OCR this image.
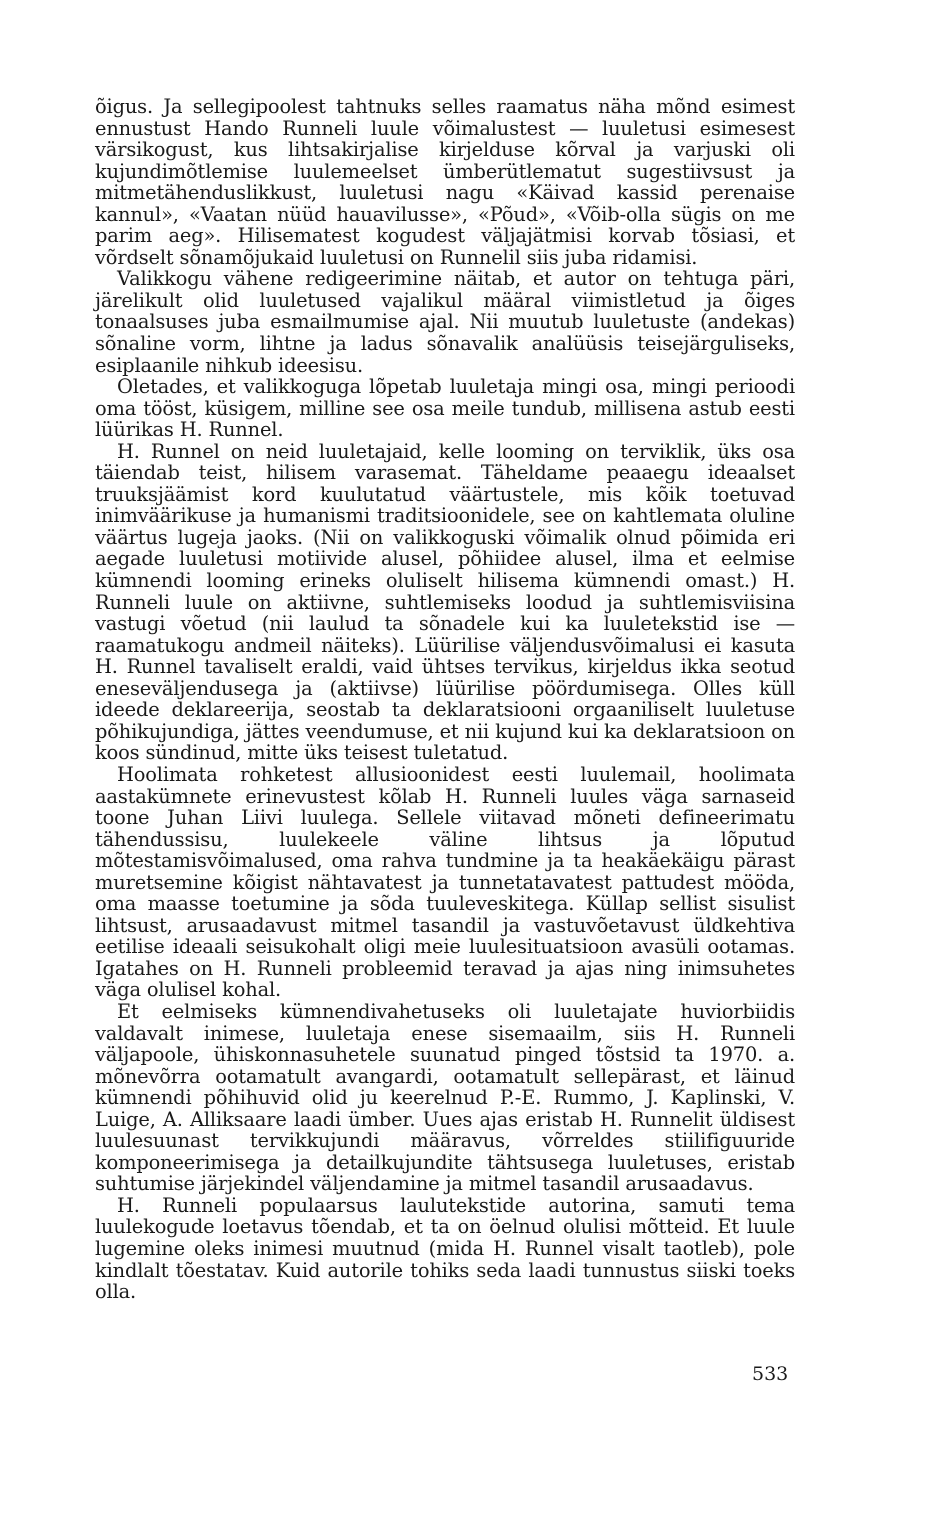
õigus. Ja sellegipoolest tahtnuks selles raamatus näha mõnd esimest ennustust Hando Runneli luule võimalustest — luuletusi esimesest värsikogust, kus lihtsakirjalise kirjelduse kõrval ja varjuski oli kujundimõtlemise luulemeelset ümberütlematut sugestiivsust ja mitmetähenduslikkust, luuletusi nagu «Käivad kassid perenaise kannul», «Vaatan nüüd hauavilusse», «Põud», «Võib-olla sügis on me parim aeg». Hilisematest kogudest väljajätmisi korvab tõsiasi, et võrdselt sõnamõjukaid luuletusi on Runnelil siis juba ridamisi.

Valikkogu vähene redigeerimine näitab, et autor on tehtuga päri, järelikult olid luuletused vajalikul määral viimistletud ja õiges tonaalsuses juba esmailmumise ajal. Nii muutub luuletuste (andekas) sõnaline vorm, lihtne ja ladus sõnavalik analüüsis teisejärguliseks, esiplaanile nihkub ideesisu.

Oletades, et valikkoguga lõpetab luuletaja mingi osa, mingi perioodi oma tööst, küsigem, milline see osa meile tundub, millisena astub eesti lüürikas H. Runnel.

H. Runnel on neid luuletajaid, kelle looming on terviklik, üks osa täiendab teist, hilisem varasemat. Täheldame peaaegu ideaalset truuksjäämist kord kuulutatud väärtustele, mis kõik toetuvad inimväärikuse ja humanismi traditsioonidele, see on kahtlemata oluline väärtus lugeja jaoks. (Nii on valikkoguski võimalik olnud põimida eri aegade luuletusi motiivide alusel, põhiidee alusel, ilma et eelmise kümnendi looming erineks oluliselt hilisema kümnendi omast.) H. Runneli luule on aktiivne, suhtlemiseks loodud ja suhtlemisviisina vastugi võetud (nii laulud ta sõnadele kui ka luuletekstid ise — raamatukogu andmeil näiteks). Lüürilise väljendusvõimalusi ei kasuta H. Runnel tavaliselt eraldi, vaid ühtses tervikus, kirjeldus ikka seotud eneseväljendusega ja (aktiivse) lüürilise pöördumisega. Olles küll ideede deklareerija, seostab ta deklaratsiooni orgaaniliselt luuletuse põhikujundiga, jättes veendumuse, et nii kujund kui ka deklaratsioon on koos sündinud, mitte üks teisest tuletatud.

Hoolimata rohketest allusioonidest eesti luulemail, hoolimata aastakümnete erinevustest kõlab H. Runneli luules väga sarnaseid toone Juhan Liivi luulega. Sellele viitavad mõneti defineerimatu tähendussisu, luulekeele väline lihtsus ja lõputud mõtestamisvõimalused, oma rahva tundmine ja ta heakäekäigu pärast muretsemine kõigist nähtavatest ja tunnetatavatest pattudest mööda, oma maasse toetumine ja sõda tuuleveskitega. Küllap sellist sisulist lihtsust, arusaadavust mitmel tasandil ja vastuvõetavust üldkehtiva eetilise ideaali seisukohalt oligi meie luulesituatsioon avasüli ootamas. Igatahes on H. Runneli probleemid teravad ja ajas ning inimsuhetes väga olulisel kohal.

Et eelmiseks kümnendivahetuseks oli luuletajate huviorbiidis valdavalt inimese, luuletaja enese sisemaailm, siis H. Runneli väljapoole, ühiskonnasuhetele suunatud pinged tõstsid ta 1970. a. mõnevõrra ootamatult avangardi, ootamatult sellepärast, et läinud kümnendi põhihuvid olid ju keerelnud P.-E. Rummo, J. Kaplinski, V. Luige, A. Alliksaare laadi ümber. Uues ajas eristab H. Runnelit üldisest luulesuunast tervikkujundi määravus, võrreldes stiilifiguuride komponeerimisega ja detailkujundite tähtsusega luuletuses, eristab suhtumise järjekindel väljendamine ja mitmel tasandil arusaadavus.

H. Runneli populaarsus laulutekstide autorina, samuti tema luulekogude loetavus tõendab, et ta on öelnud olulisi mõtteid. Et luule lugemine oleks inimesi muutnud (mida H. Runnel visalt taotleb), pole kindlalt tõestatav. Kuid autorile tohiks seda laadi tunnustus siiski toeks olla.

533
